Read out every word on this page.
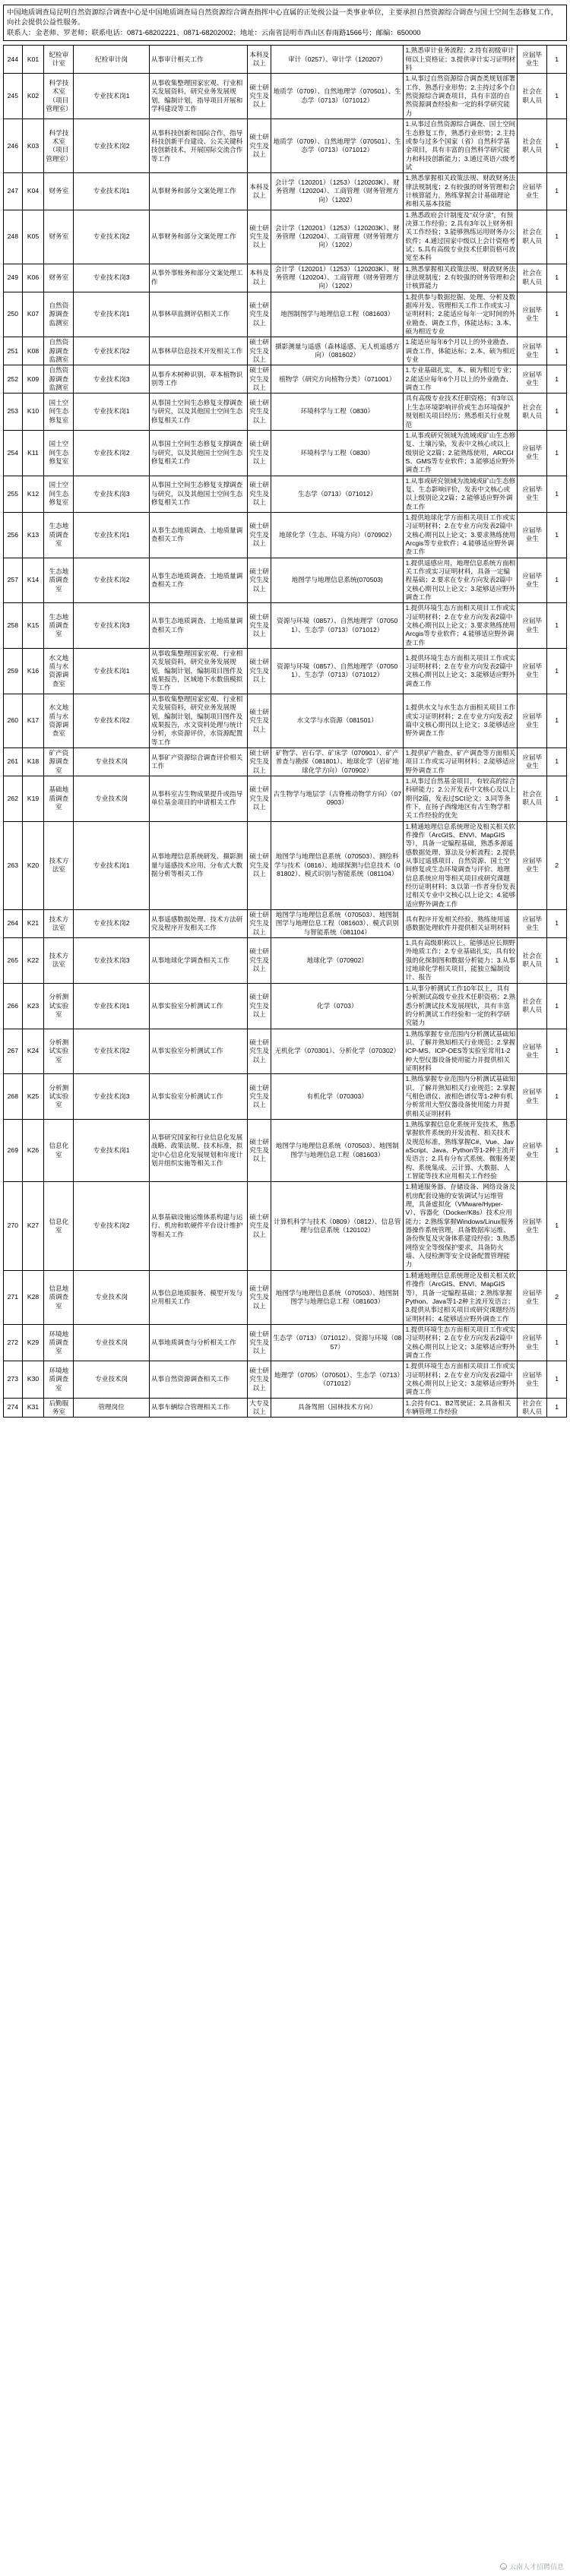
中国地质调查局昆明自然资源综合调查中心是中国地质调查局自然资源综合调查指挥中心直属的正处级公益一类事业单位，主要承担自然资源综合调查与国土空间生态修复工作，向社会提供公益性服务。

联系人：金老师、罗老师；联系电话：0871-68202221、0871-68202002；地址：云南省昆明市西山区春雨路1566号；邮编：650000

244	K01	纪检审计室	纪检审计岗	从事审计相关工作	本科及以上	审计（0257）、审计学（120207）	1.熟悉审计业务流程；2.持有初级审计师以上资格证；3.提供审计实习证明材料	应届毕业生	1
245	K02	科学技术室（项目管理室）	专业技术岗1	从事收集整理国家宏观、行业相关发展资料，研究业务发展规划，编制计划，指导项目开展和学科建设等工作	硕士研究生及以上	地质学（0709）、自然地理学（070501）、生态学（0713）（071012）	1.从事过自然资源综合调查类规划部署工作，熟悉行业形势；2.主持过多个自然资源综合调查项目，具有丰富的自然资源调查经验和一定的科学研究能力	社会在职人员	1
246	K03	科学技术室（项目管理室）	专业技术岗2	从事科技创新和国际合作，指导科技创新平台建设、公关关键科技创新技术，开展国际交流合作等工作	硕士研究生及以上	地质学（0709）、自然地理学（070501）、生态学（0713）（071012）	1.从事过自然资源综合调查、国土空间生态修复工作，熟悉行业形势；2.主持或参与过多个国家（省）自然科学基金项目，具有丰富的自然科学研究能力和科技创新能力；3.通过英语六级考试	社会在职人员	1
247	K04	财务室	专业技术岗1	从事财务和部分文案处理工作	本科及以上	会计学（120201）（1253）（120203K）、财务管理（120204）、工商管理（财务管理方向）（1202）	1.熟悉掌握相关政策法规、财政财务法律法规制度；2.有较强的财务管理和会计核算能力，熟练掌握会计基础理论和相关基本技能	应届毕业生	1
248	K05	财务室	专业技术岗2	从事财务和部分文案处理工作	硕士研究生及以上	会计学（120201）（1253）（120203K）、财务管理（120204）、工商管理（财务管理方向）（1202）	1.熟悉政府会计制度及“双分录”，有预决算工作经验；2.具有3年以上财务相关工作经验；3.能够熟练运用财务办公软件；4.通过国家中级以上会计资格考试；5.具有高级专业技术任职资格可放宽至本科	社会在职人员	1
249	K06	财务室	专业技术岗3	从事外事账务和部分文案处理工作	本科及以上	会计学（120201）（1253）（120203K）、财务管理（120204）、工商管理（财务管理方向）（1202）	1.熟悉掌握相关政策法规、财政财务法律法规制度；2.有较强的财务管理和会计核算能力	社会在职人员	1
250	K07	自然资源调查监测室	专业技术岗1	从事林草监测评估相关工作	硕士研究生及以上	地图制图学与地理信息工程（081603）	1.提供参与数据挖掘、处理、分析及数据库开发、管理相关工作工作或实习证明材料；2.能适应每年一定时间的外业勘查、调查工作，体能达标；3.本、硕为相近专业	应届毕业生	1
251	K08	自然资源调查监测室	专业技术岗2	从事林草信息技术开发相关工作	硕士研究生及以上	摄影测量与遥感（森林遥感、无人机遥感方向）（081602）	1.能适应每年6个月以上的外业勘查、调查工作，体能达标；2.本、硕为相近专业	应届毕业生	1
252	K09	自然资源调查监测室	专业技术岗3	从事乔木树种识别、草本植物识别等工作	硕士研究生及以上	植物学（研究方向植物分类）（071001）	1.专业基础扎实，本、硕为相近专业；2.能适应每年6个月以上的外业勘查、调查工作	应届毕业生	1
253	K10	国土空间生态修复室	专业技术岗1	从事国土空间生态修复支撑调查与研究，以及其他国土空间生态修复相关工作	硕士研究生及以上	环境科学与工程（0830）	具有高级专业技术任职资格；有3年以上生态环境影响评价或生态环境保护规划相关项目经历；熟悉相关行业规范	社会在职人员	1
254	K11	国土空间生态修复室	专业技术岗2	从事国土空间生态修复支撑调查与研究，以及其他国土空间生态修复相关工作	硕士研究生及以上	环境科学与工程（0830）	1.从事或研究领域为流域或矿山生态修复、土壤污染，发表中文核心或以上级别论文2篇；2.能熟练使用，ARCGIS、GMS等专业软件；3.能够适应野外调查工作	应届毕业生	1
255	K12	国土空间生态修复室	专业技术岗3	从事国土空间生态修复支撑调查与研究，以及其他国土空间生态修复相关工作	硕士研究生及以上	生态学（0713）（071012）	1.从事或研究领域为流域或矿山生态修复、生态影响评价，发表中文核心或以上级别论文2篇；2.能够适应野外调查工作	应届毕业生	1
256	K13	生态地质调查室	专业技术岗1	从事生态地质调查、土地质量调查相关工作	硕士研究生及以上	地球化学（生态、环境方向）（070902）	1.提供地球化学方面相关项目工作或实习证明材料；2.在专业方向发表2篇中文核心期刊以上论文；3.要求熟练使用Arcgis等专业软件；4.能够适应野外调查工作	应届毕业生	1
257	K14	生态地质调查室	专业技术岗2	从事生态地质调查、土地质量调查相关工作	硕士研究生及以上	地图学与地理信息系统(070503)	1.提供遥感应用，地理信息系统方面相关工作或实习证明材料，具备一定编程基础；2.要求在专业方向发表2篇中文核心期刊以上论文；3.能够适应野外调查工作	应届毕业生	1
258	K15	生态地质调查室	专业技术岗3	从事生态地质调查、土地质量调查相关工作	硕士研究生及以上	资源与环境（0857）、自然地理学（070501）、生态学（0713）（071012）	1.提供环境生态方面相关项目工作或实习证明材料；2.在专业方向发表2篇中文核心期刊以上论文；3.要求熟练使用Arcgis等专业软件；4.能够适应野外调查工作	应届毕业生	1
259	K16	水文地质与水资源调查室	专业技术岗1	从事收集整理国家宏观、行业相关发展资料，研究业务发展规划，编制计划，编制项目图件及成果报告，区域地下水数值模拟等工作	硕士研究生及以上	资源与环境（0857）、自然地理学（070501）、生态学（0713）（071012）	1.提供环境生态方面相关项目工作或实习证明材料；2.在专业方向发表2篇中文核心期刊以上论文；3.能够适应野外调查工作	应届毕业生	1
260	K17	水文地质与水资源调查室	专业技术岗2	从事收集整理国家宏观、行业相关发展资料，研究业务发展规划，编制计划，编制项目图件及成果报告，水文资料处理与统计分析，水资源评价，水资源配置等工作	硕士研究生及以上	水文学与水资源（081501）	1.提供水文与水生态方面相关项目工作或实习证明材料；2.在专业方向发表2篇中文核心期刊以上论文；3.能够适应野外调查工作	应届毕业生	1
261	K18	矿产资源调查室	专业技术岗	从事矿产资源综合调查评价相关工作	硕士研究生及以上	矿物学、岩石学、矿床学（070901）、矿产普查与勘探（081801）、地球化学（岩矿地球化学方向）（070902）	1.提供矿产勘查、矿产调查等方面相关项目工作或实习证明材料；2.能够适应野外调查工作	应届毕业生	1
262	K19	基础地质调查室	专业技术岗	从事科室古生物成果提升或指导单位基金项目的申请相关工作	硕士研究生及以上	古生物学与地层学（古脊椎动物学方向）（070903）	1.从事过自然基金项目，有较高的综合科研能力；2.公开发表中文核心及以上期刊2篇，发表过SCI论文；3.同等条件下，在扬子西缘地区有古生物学相关工作经验的优先	社会在职人员	1
263	K20	技术方法室	专业技术岗1	从事地理信息系统研发、摄影测量与遥感技术应用、分布式大数据分析等相关工作	硕士研究生及以上	地图学与地理信息系统（070503）、测绘科学与技术（0816）、地球探测与信息技术（081802）、模式识别与智能系统（081104）	1.精通地理信息系统理论及相关相关软件操作（ArcGIS、ENVI、MapGIS等），具备一定编程基础，熟悉多源遥感数据处理、算法及分析流程；2.提供从事过遥感项目、自然资源、国土空间修复或生态环境调查与评价、地理信息系统应用等相关项目或研究课题经历证明材料；3.以第一作者身份发表过相关专业中文核心以上论文；4.能够适应野外调查工作	应届毕业生	2
264	K21	技术方法室	专业技术岗2	从事遥感数据处理、技术方法研究及程序开发相关工作	硕士研究生及以上	地图学与地理信息系统（070503）、地图制图学与地理信息工程（081603）、模式识别与智能系统（081104）	具有程序开发相关经验、熟练使用遥感数据处理软件并提供相关证明材料	应届毕业生	1
265	K22	技术方法室	专业技术岗3	从事地球化学调查相关工作	硕士研究生及以上	地球化学（070902）	1.具有高级职称以上，能够适应长期野外地质工作；2.专业基础扎实，具有较强的化探制图和数据分析能力；3.从事过地球化学相关项目，能独立编制设计、报告	社会在职人员	1
266	K23	分析测试实验室	专业技术岗1	从事实验室分析测试工作	硕士研究生及以上	化学（0703）	1.从事分析测试工作10年以上，具有分析测试高级专业技术任职资格；2.熟悉分析测试技术发展现状，具有丰富的分析测试工作经验和一定的科学研究能力	社会在职人员	1
267	K24	分析测试实验室	专业技术岗2	从事实验室分析测试工作	硕士研究生及以上	无机化学（070301）、分析化学（070302）	1.熟练掌握专业范围内分析测试基础知识、了解并熟知相关行业规范；2.掌握ICP-MS、ICP-OES等实验室常用1-2种大型仪器设备使用能力并提供相关证明材料	应届毕业生	1
268	K25	分析测试实验室	专业技术岗3	从事实验室分析测试工作	硕士研究生及以上	有机化学（070303）	1.熟练掌握专业范围内分析测试基础知识、了解并熟知相关行业规范；2.掌握气相色谱仪、液相色谱仪等1-2种有机分析常用大型仪器设备使用能力并提供相关证明材料	应届毕业生	1
269	K26	信息化室	专业技术岗1	从事研究国家和行业信息化发展战略、政策法规、技术标准，拟定中心信息化发展规划和年度计划并组织实施等相关工作	硕士研究生及以上	地图学与地理信息系统（070503）、地图制图学与地理信息工程（081603）	1.熟练掌握信息化系统开发技术，熟悉掌握软件系统的开发流程、相关技术及规范标准，熟练掌握C#、Vue、JavaScript、Java、Python等1-2种主流开发语言；2.具有分布式系统、微服务架构、系统集成、云计算、大数据、人工智能等技术应用相关工作经验	应届毕业生	1
270	K27	信息化室	专业技术岗2	从事基础设施运维体系构建与运行、机房和软硬件平台设计维护等相关工作	硕士研究生及以上	计算机科学与技术（0809）（0812）、信息管理与信息系统（120102）	1.精通服务器、存储设备、网络设备及机房配套设施的安装调试与运维管理，具备虚拟化（VMware/Hyper-V）、容器化（Docker/K8s）技术应用能力；2.熟练掌握Windows/Linux服务器操作系统管理，具备数据库运维、备份恢复及灾备体系建设经验；3.熟悉网络安全等级保护要求，具备防火墙、入侵检测等安全设备配置管理能力	应届毕业生	1
271	K28	信息地质调查室	专业技术岗	从事信息地质服务、模型开发与应用相关工作	硕士研究生及以上	地图学与地理信息系统（070503）、地图制图学与地理信息工程（081603）	1.精通地理信息系统理论及相关相关软件操作（ArcGIS、ENVI、MapGIS等），具备一定编程基础；2.熟练掌握Python、Java等1-2种主流开发语言；3.提供从事过相关项目或研究课题经历证明材料；4.能够适应野外调查工作	应届毕业生	2
272	K29	环境地质调查室	专业技术岗	从事地质调查与分析相关工作	硕士研究生及以上	生态学（0713）（071012）、资源与环境（0857）	1.提供环境生态方面相关项目工作或实习证明材料；2.在专业方向发表2篇中文核心期刊以上论文；3.能够适应野外调查工作	应届毕业生	1
273	K30	环境地质调查室	专业技术岗	从事自然资源调查相关工作	硕士研究生及以上	地理学（0705）（070501）、生态学（0713）（071012）	1.提供环境生态方面相关项目工作或实习证明材料；2.在专业方向发表2篇中文核心期刊以上论文；3.能够适应野外调查工作	应届毕业生	1
274	K31	后勤服务室	管理岗位	从事车辆综合管理相关工作	大专及以上	具备驾照（园林技术方向）	1.会持有C1、B2驾驶证；2.具备相关车辆管理工作经验	社会在职人员	1
云南人才招聘信息
